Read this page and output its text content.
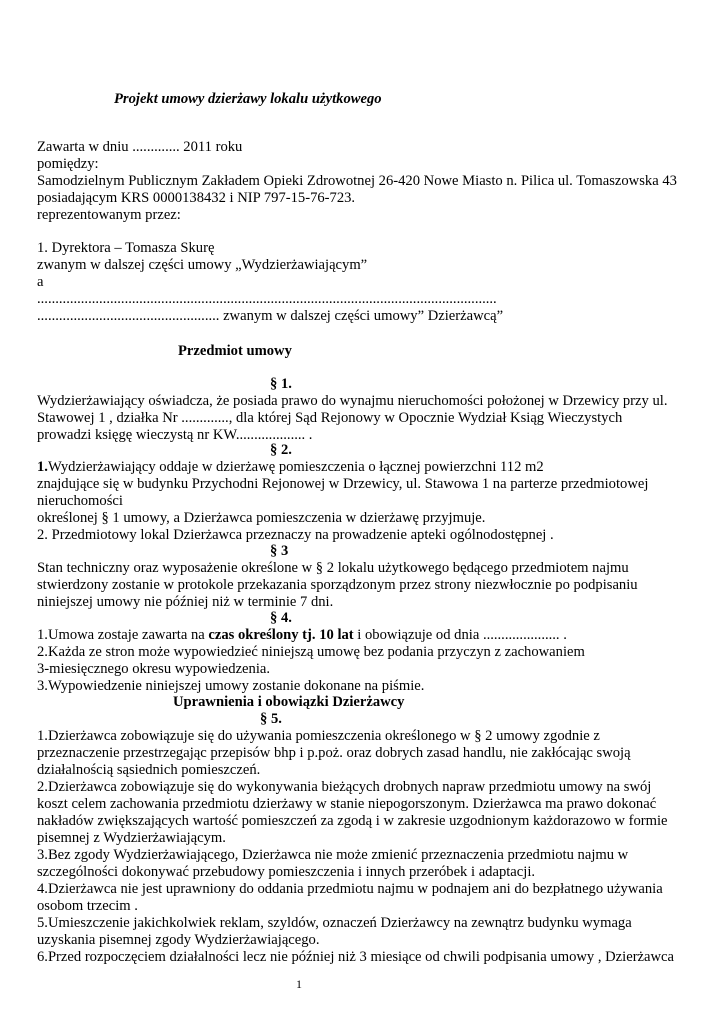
Projekt umowy dzierżawy lokalu użytkowego
Zawarta w dniu ............. 2011 roku
pomiędzy:
Samodzielnym Publicznym Zakładem Opieki Zdrowotnej 26-420 Nowe Miasto n. Pilica ul. Tomaszowska 43
posiadającym KRS 0000138432 i NIP 797-15-76-723.
reprezentowanym przez:
1. Dyrektora – Tomasza Skurę
zwanym w dalszej części umowy „Wydzierżawiającym”
a
..............................................................................................................................
.................................................. zwanym w dalszej części umowy” Dzierżawcą”
Przedmiot umowy
§ 1.
Wydzierżawiający oświadcza, że posiada prawo do wynajmu nieruchomości położonej w Drzewicy przy ul.
Stawowej 1 , działka Nr ............., dla której Sąd Rejonowy w Opocznie Wydział Ksiąg Wieczystych
prowadzi księgę wieczystą nr KW................... .
§ 2.
1.Wydzierżawiający oddaje w dzierżawę pomieszczenia o łącznej powierzchni 112 m2
znajdujące się w budynku Przychodni Rejonowej w Drzewicy, ul. Stawowa 1 na parterze przedmiotowej
nieruchomości
określonej § 1 umowy, a Dzierżawca pomieszczenia w dzierżawę przyjmuje.
2. Przedmiotowy lokal Dzierżawca przeznaczy na prowadzenie apteki ogólnodostępnej .
§ 3
Stan techniczny oraz wyposażenie określone w § 2 lokalu użytkowego będącego przedmiotem najmu
stwierdzony zostanie w protokole przekazania sporządzonym przez strony niezwłocznie po podpisaniu
niniejszej umowy nie później niż w terminie 7 dni.
§ 4.
1.Umowa zostaje zawarta na czas określony tj. 10 lat i obowiązuje od dnia ..................... .
2.Każda ze stron może wypowiedzieć niniejszą umowę bez podania przyczyn z zachowaniem
3-miesięcznego okresu wypowiedzenia.
3.Wypowiedzenie niniejszej umowy zostanie dokonane na piśmie.
Uprawnienia i obowiązki Dzierżawcy
§ 5.
1.Dzierżawca zobowiązuje się do używania pomieszczenia określonego w § 2 umowy zgodnie z
przeznaczenie przestrzegając przepisów bhp i p.poż. oraz dobrych zasad handlu, nie zakłócając swoją
działalnością sąsiednich pomieszczeń.
2.Dzierżawca zobowiązuje się do wykonywania bieżących drobnych napraw przedmiotu umowy na swój
koszt celem zachowania przedmiotu dzierżawy w stanie niepogorszonym. Dzierżawca ma prawo dokonać
nakładów zwiększających wartość pomieszczeń za zgodą i w zakresie uzgodnionym każdorazowo w formie
pisemnej z Wydzierżawiającym.
3.Bez zgody Wydzierżawiającego, Dzierżawca nie może zmienić przeznaczenia przedmiotu najmu w
szczególności dokonywać przebudowy pomieszczenia i innych przeróbek i adaptacji.
4.Dzierżawca nie jest uprawniony do oddania przedmiotu najmu w podnajem ani do bezpłatnego używania
osobom trzecim .
5.Umieszczenie jakichkolwiek reklam, szyldów, oznaczeń Dzierżawcy na zewnątrz budynku wymaga
uzyskania pisemnej zgody Wydzierżawiającego.
6.Przed rozpoczęciem działalności lecz nie później niż 3 miesiące od chwili podpisania umowy , Dzierżawca
1
